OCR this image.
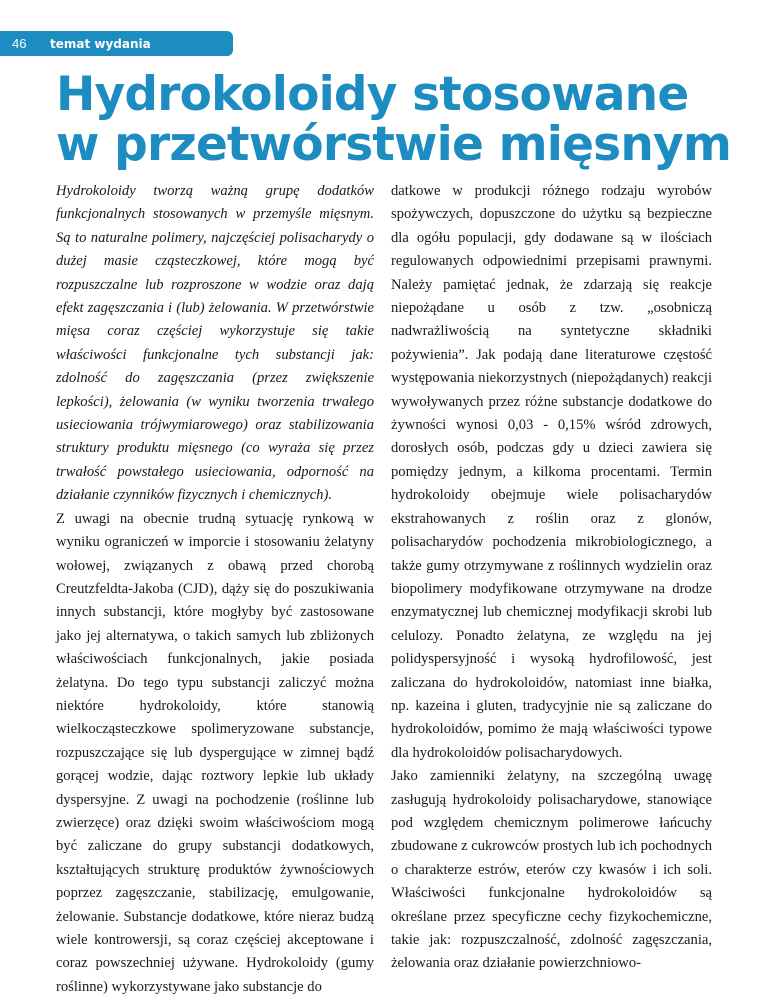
46	temat wydania
Hydrokoloidy stosowane
w przetwórstwie mięsnym

Hydrokoloidy tworzą ważną grupę dodatków funkcjonalnych stosowanych w przemyśle mięsnym. Są to naturalne polimery, najczęściej polisacharydy o dużej masie cząsteczkowej, które mogą być rozpuszczalne lub rozproszone w wodzie oraz dają efekt zagęszczania i (lub) żelowania. W przetwórstwie mięsa coraz częściej wykorzystuje się takie właściwości funkcjonalne tych substancji jak: zdolność do zagęszczania (przez zwiększenie lepkości), żelowania (w wyniku tworzenia trwałego usieciowania trójwymiarowego) oraz stabilizowania struktury produktu mięsnego (co wyraża się przez trwałość powstałego usieciowania, odporność na działanie czynników fizycznych i chemicznych).

Z uwagi na obecnie trudną sytuację rynkową w wyniku ograniczeń w imporcie i stosowaniu żelatyny wołowej, związanych z obawą przed chorobą Creutzfeldta-Jakoba (CJD), dąży się do poszukiwania innych substancji, które mogłyby być zastosowane jako jej alternatywa, o takich samych lub zbliżonych właściwościach funkcjonalnych, jakie posiada żelatyna. Do tego typu substancji zaliczyć można niektóre hydrokoloidy, które stanowią wielkocząsteczkowe spolimeryzowane substancje, rozpuszczające się lub dyspergujące w zimnej bądź gorącej wodzie, dając roztwory lepkie lub układy dyspersyjne. Z uwagi na pochodzenie (roślinne lub zwierzęce) oraz dzięki swoim właściwościom mogą być zaliczane do grupy substancji dodatkowych, kształtujących strukturę produktów żywnościowych poprzez zagęszczanie, stabilizację, emulgowanie, żelowanie. Substancje dodatkowe, które nieraz budzą wiele kontrowersji, są coraz częściej akceptowane i coraz powszechniej używane. Hydrokoloidy (gumy roślinne) wykorzystywane jako substancje do

datkowe w produkcji różnego rodzaju wyrobów spożywczych, dopuszczone do użytku są bezpieczne dla ogółu populacji, gdy dodawane są w ilościach regulowanych odpowiednimi przepisami prawnymi. Należy pamiętać jednak, że zdarzają się reakcje niepożądane u osób z tzw. „osobniczą nadwrażliwością na syntetyczne składniki pożywienia”. Jak podają dane literaturowe częstość występowania niekorzystnych (niepożądanych) reakcji wywoływanych przez różne substancje dodatkowe do żywności wynosi 0,03 - 0,15% wśród zdrowych, dorosłych osób, podczas gdy u dzieci zawiera się pomiędzy jednym, a kilkoma procentami. Termin hydrokoloidy obejmuje wiele polisacharydów ekstrahowanych z roślin oraz z glonów, polisacharydów pochodzenia mikrobiologicznego, a także gumy otrzymywane z roślinnych wydzielin oraz biopolimery modyfikowane otrzymywane na drodze enzymatycznej lub chemicznej modyfikacji skrobi lub celulozy. Ponadto żelatyna, ze względu na jej polidyspersyjność i wysoką hydrofilowość, jest zaliczana do hydrokoloidów, natomiast inne białka, np. kazeina i gluten, tradycyjnie nie są zaliczane do hydrokoloidów, pomimo że mają właściwości typowe dla hydrokoloidów polisacharydowych.

Jako zamienniki żelatyny, na szczególną uwagę zasługują hydrokoloidy polisacharydowe, stanowiące pod względem chemicznym polimerowe łańcuchy zbudowane z cukrowców prostych lub ich pochodnych o charakterze estrów, eterów czy kwasów i ich soli. Właściwości funkcjonalne hydrokoloidów są określane przez specyficzne cechy fizykochemiczne, takie jak: rozpuszczalność, zdolność zagęszczania, żelowania oraz działanie powierzchniowo-
